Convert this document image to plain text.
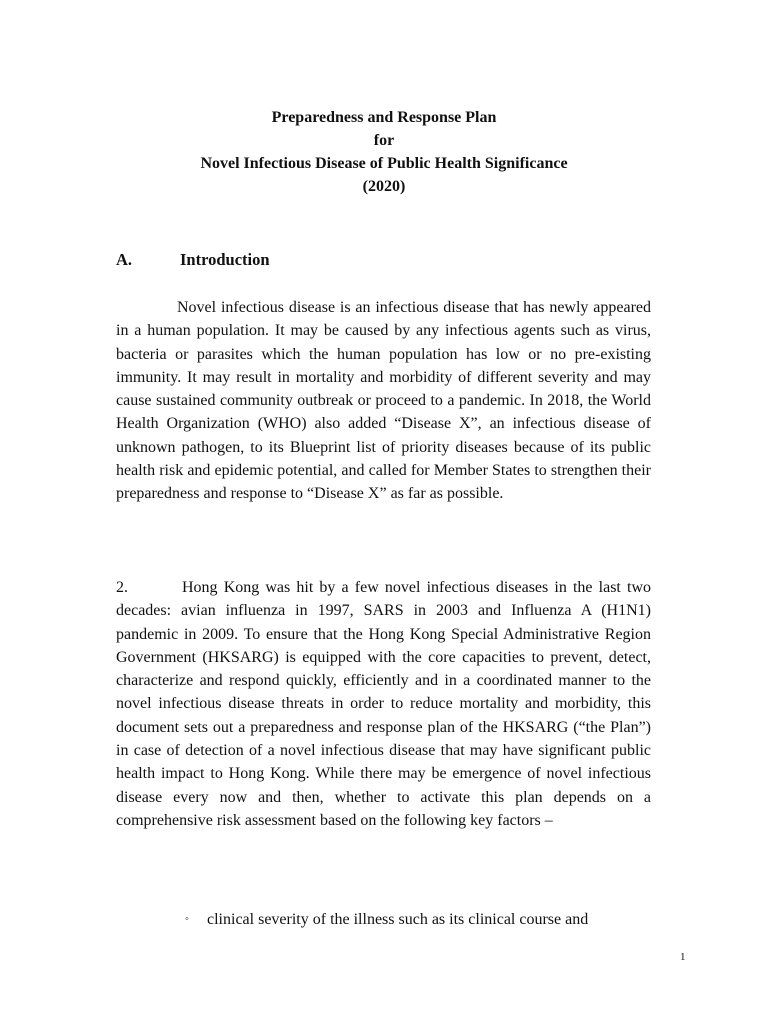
Preparedness and Response Plan
for
Novel Infectious Disease of Public Health Significance
(2020)
A.	Introduction

Novel infectious disease is an infectious disease that has newly appeared in a human population. It may be caused by any infectious agents such as virus, bacteria or parasites which the human population has low or no pre-existing immunity. It may result in mortality and morbidity of different severity and may cause sustained community outbreak or proceed to a pandemic. In 2018, the World Health Organization (WHO) also added “Disease X”, an infectious disease of unknown pathogen, to its Blueprint list of priority diseases because of its public health risk and epidemic potential, and called for Member States to strengthen their preparedness and response to “Disease X” as far as possible.

2.	Hong Kong was hit by a few novel infectious diseases in the last two decades: avian influenza in 1997, SARS in 2003 and Influenza A (H1N1) pandemic in 2009. To ensure that the Hong Kong Special Administrative Region Government (HKSARG) is equipped with the core capacities to prevent, detect, characterize and respond quickly, efficiently and in a coordinated manner to the novel infectious disease threats in order to reduce mortality and morbidity, this document sets out a preparedness and response plan of the HKSARG (“the Plan”) in case of detection of a novel infectious disease that may have significant public health impact to Hong Kong. While there may be emergence of novel infectious disease every now and then, whether to activate this plan depends on a comprehensive risk assessment based on the following key factors –

◦ clinical severity of the illness such as its clinical course and
1
